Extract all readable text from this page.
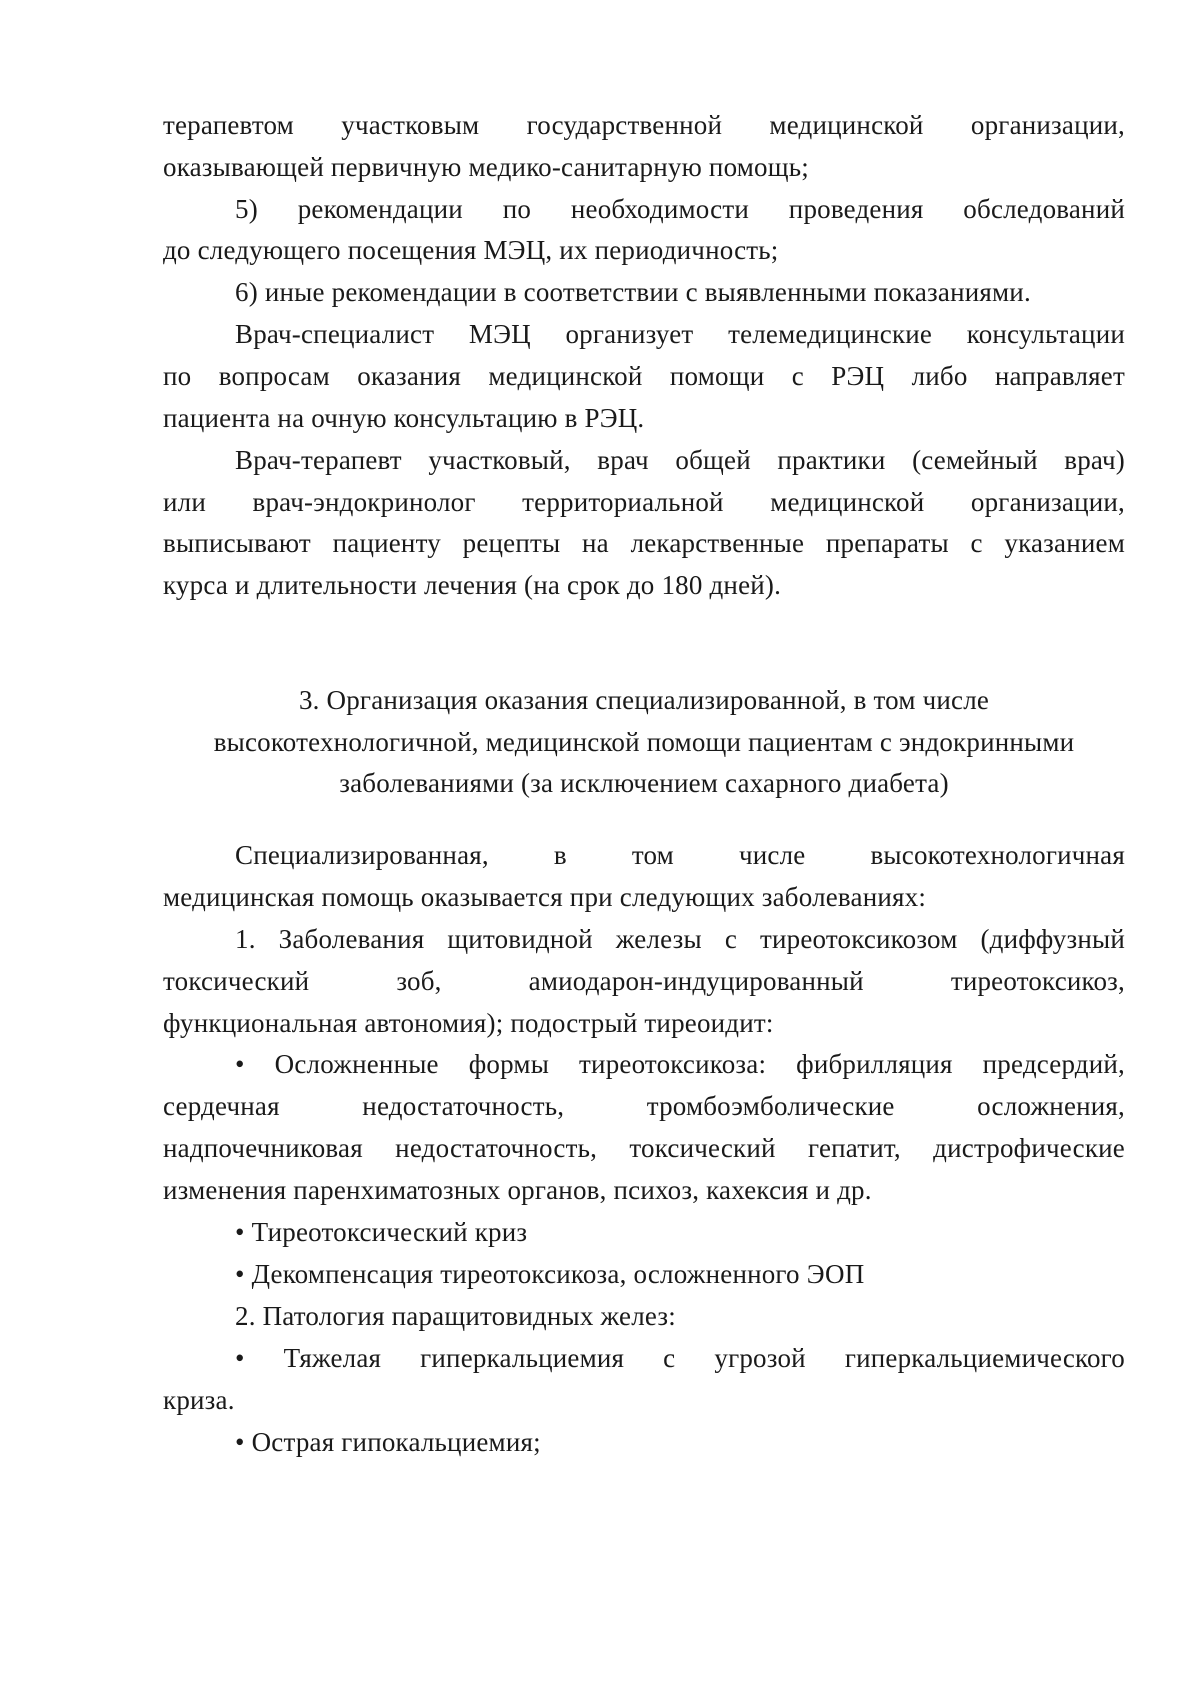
терапевтом участковым государственной медицинской организации,
оказывающей первичную медико-санитарную помощь;
5) рекомендации по необходимости проведения обследований
до следующего посещения МЭЦ, их периодичность;
6) иные рекомендации в соответствии с выявленными показаниями.
Врач-специалист МЭЦ организует телемедицинские консультации
по вопросам оказания медицинской помощи с РЭЦ либо направляет
пациента на очную консультацию в РЭЦ.
Врач-терапевт участковый, врач общей практики (семейный врач)
или врач-эндокринолог территориальной медицинской организации,
выписывают пациенту рецепты на лекарственные препараты с указанием
курса и длительности лечения (на срок до 180 дней).
3. Организация оказания специализированной, в том числе
высокотехнологичной, медицинской помощи пациентам с эндокринными
заболеваниями (за исключением сахарного диабета)
Специализированная, в том числе высокотехнологичная
медицинская помощь оказывается при следующих заболеваниях:
1. Заболевания щитовидной железы с тиреотоксикозом (диффузный
токсический зоб, амиодарон-индуцированный тиреотоксикоз,
функциональная автономия); подострый тиреоидит:
• Осложненные формы тиреотоксикоза: фибрилляция предсердий,
сердечная недостаточность, тромбоэмболические осложнения,
надпочечниковая недостаточность, токсический гепатит, дистрофические
изменения паренхиматозных органов, психоз, кахексия и др.
• Тиреотоксический криз
• Декомпенсация тиреотоксикоза, осложненного ЭОП
2. Патология паращитовидных желез:
• Тяжелая гиперкальциемия с угрозой гиперкальциемического
криза.
• Острая гипокальциемия;
